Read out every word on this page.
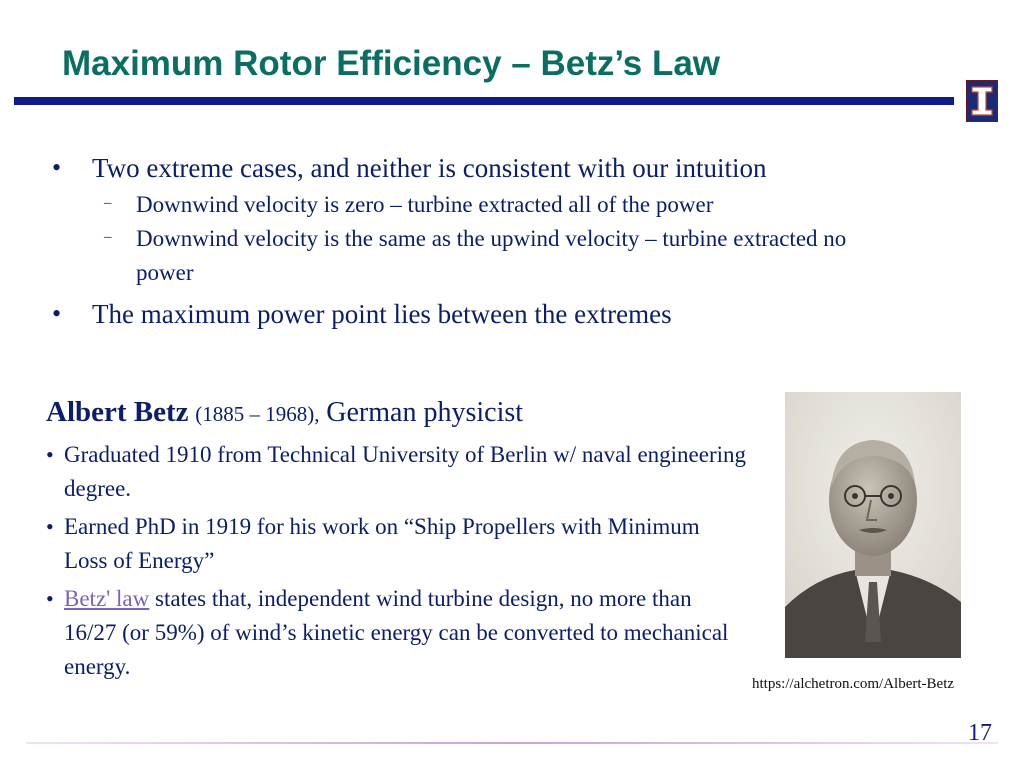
Maximum Rotor Efficiency – Betz’s Law
• Two extreme cases, and neither is consistent with our intuition
– Downwind velocity is zero – turbine extracted all of the power
– Downwind velocity is the same as the upwind velocity – turbine extracted no power
• The maximum power point lies between the extremes
Albert Betz (1885 – 1968), German physicist
• Graduated 1910 from Technical University of Berlin w/ naval engineering degree.
• Earned PhD in 1919 for his work on “Ship Propellers with Minimum Loss of Energy”
• Betz' law states that, independent wind turbine design, no more than 16/27 (or 59%) of wind’s kinetic energy can be converted to mechanical energy.
https://alchetron.com/Albert-Betz
17
